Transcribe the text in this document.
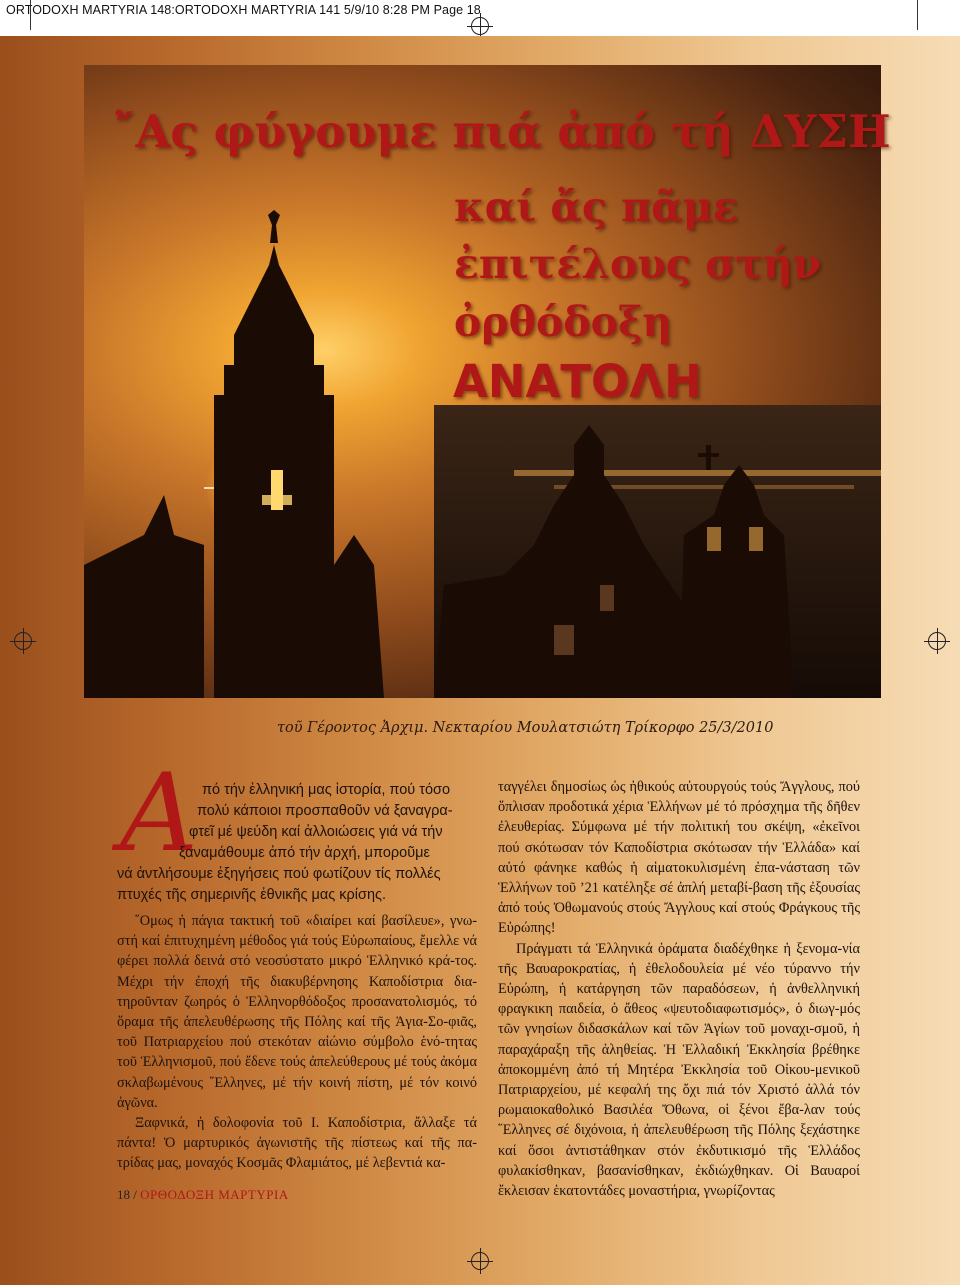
ORTODOXH MARTYRIA 148:ORTODOXH MARTYRIA 141 5/9/10 8:28 PM Page 18
῎Ας φύγουμε πιά ἀπό τή ΔΥΣΗ
καί ἄς πᾶμε
ἐπιτέλους στήν
ὀρθόδοξη
ΑΝΑΤΟΛΗ
τοῦ Γέροντος Ἀρχιμ. Νεκταρίου Μουλατσιώτη Τρίκορφο 25/3/2010
Α πό τήν ἑλληνική μας ἱστορία, πού τόσο
πολύ κάποιοι προσπαθοῦν νά ξαναγρα-
φτεῖ μέ ψεύδη καί ἀλλοιώσεις γιά νά τήν
ξαναμάθουμε ἀπό τήν ἀρχή, μποροῦμε
νά ἀντλήσουμε ἐξηγήσεις πού φωτίζουν τίς πολλές
πτυχές τῆς σημερινῆς ἐθνικῆς μας κρίσης.

῞Ομως ἡ πάγια τακτική τοῦ «διαίρει καί βασίλευε», γνω-στή καί ἐπιτυχημένη μέθοδος γιά τούς Εὐρωπαίους, ἔμελλε νά φέρει πολλά δεινά στό νεοσύστατο μικρό Ἑλληνικό κρά-τος. Μέχρι τήν ἐποχή τῆς διακυβέρνησης Καποδίστρια δια-τηροῦνταν ζωηρός ὁ Ἑλληνορθόδοξος προσανατολισμός, τό ὅραμα τῆς ἀπελευθέρωσης τῆς Πόλης καί τῆς Ἁγια-Σο-φιᾶς, τοῦ Πατριαρχείου πού στεκόταν αἰώνιο σύμβολο ἑνό-τητας τοῦ Ἑλληνισμοῦ, πού ἔδενε τούς ἀπελεύθερους μέ τούς ἀκόμα σκλαβωμένους ῞Ελληνες, μέ τήν κοινή πίστη, μέ τόν κοινό ἀγῶνα.

Ξαφνικά, ἡ δολοφονία τοῦ Ι. Καποδίστρια, ἄλλαξε τά πάντα! Ὁ μαρτυρικός ἀγωνιστῆς τῆς πίστεως καί τῆς πα-τρίδας μας, μοναχός Κοσμᾶς Φλαμιάτος, μέ λεβεντιά κα-

ταγγέλει δημοσίως ὡς ἠθικούς αὐτουργούς τούς Ἄγγλους, πού ὅπλισαν προδοτικά χέρια Ἑλλήνων μέ τό πρόσχημα τῆς δῆθεν ἐλευθερίας. Σύμφωνα μέ τήν πολιτική του σκέψη, «ἐκεῖνοι πού σκότωσαν τόν Καποδίστρια σκότωσαν τήν Ἑλλάδα» καί αὐτό φάνηκε καθώς ἡ αἱματοκυλισμένη ἐπα-νάσταση τῶν Ἑλλήνων τοῦ ’21 κατέληξε σέ ἁπλή μεταβί-βαση τῆς ἐξουσίας ἀπό τούς Ὀθωμανούς στούς Ἄγγλους καί στούς Φράγκους τῆς Εὐρώπης!

Πράγματι τά Ἑλληνικά ὁράματα διαδέχθηκε ἡ ξενομα-νία τῆς Βαυαροκρατίας, ἡ ἐθελοδουλεία μέ νέο τύραννο τήν Εὐρώπη, ἡ κατάργηση τῶν παραδόσεων, ἡ ἀνθελληνική φραγκικη παιδεία, ὁ ἄθεος «ψευτοδιαφωτισμός», ὁ διωγ-μός τῶν γνησίων διδασκάλων καί τῶν Ἁγίων τοῦ μοναχι-σμοῦ, ἡ παραχάραξη τῆς ἀληθείας. Ἡ Ἑλλαδική Ἐκκλησία βρέθηκε ἀποκομμένη ἀπό τή Μητέρα Ἐκκλησία τοῦ Οἰκου-μενικοῦ Πατριαρχείου, μέ κεφαλή της ὄχι πιά τόν Χριστό ἀλλά τόν ρωμαιοκαθολικό Βασιλέα Ὄθωνα, οἱ ξένοι ἔβα-λαν τούς ῞Ελληνες σέ διχόνοια, ἡ ἀπελευθέρωση τῆς Πόλης ξεχάστηκε καί ὅσοι ἀντιστάθηκαν στόν ἐκδυτικισμό τῆς Ἑλλάδος φυλακίσθηκαν, βασανίσθηκαν, ἐκδιώχθηκαν. Οἱ Βαυαροί ἔκλεισαν ἑκατοντάδες μοναστήρια, γνωρίζοντας

18 / ΟΡΘΟΔΟΞΗ ΜΑΡΤΥΡΙΑ
